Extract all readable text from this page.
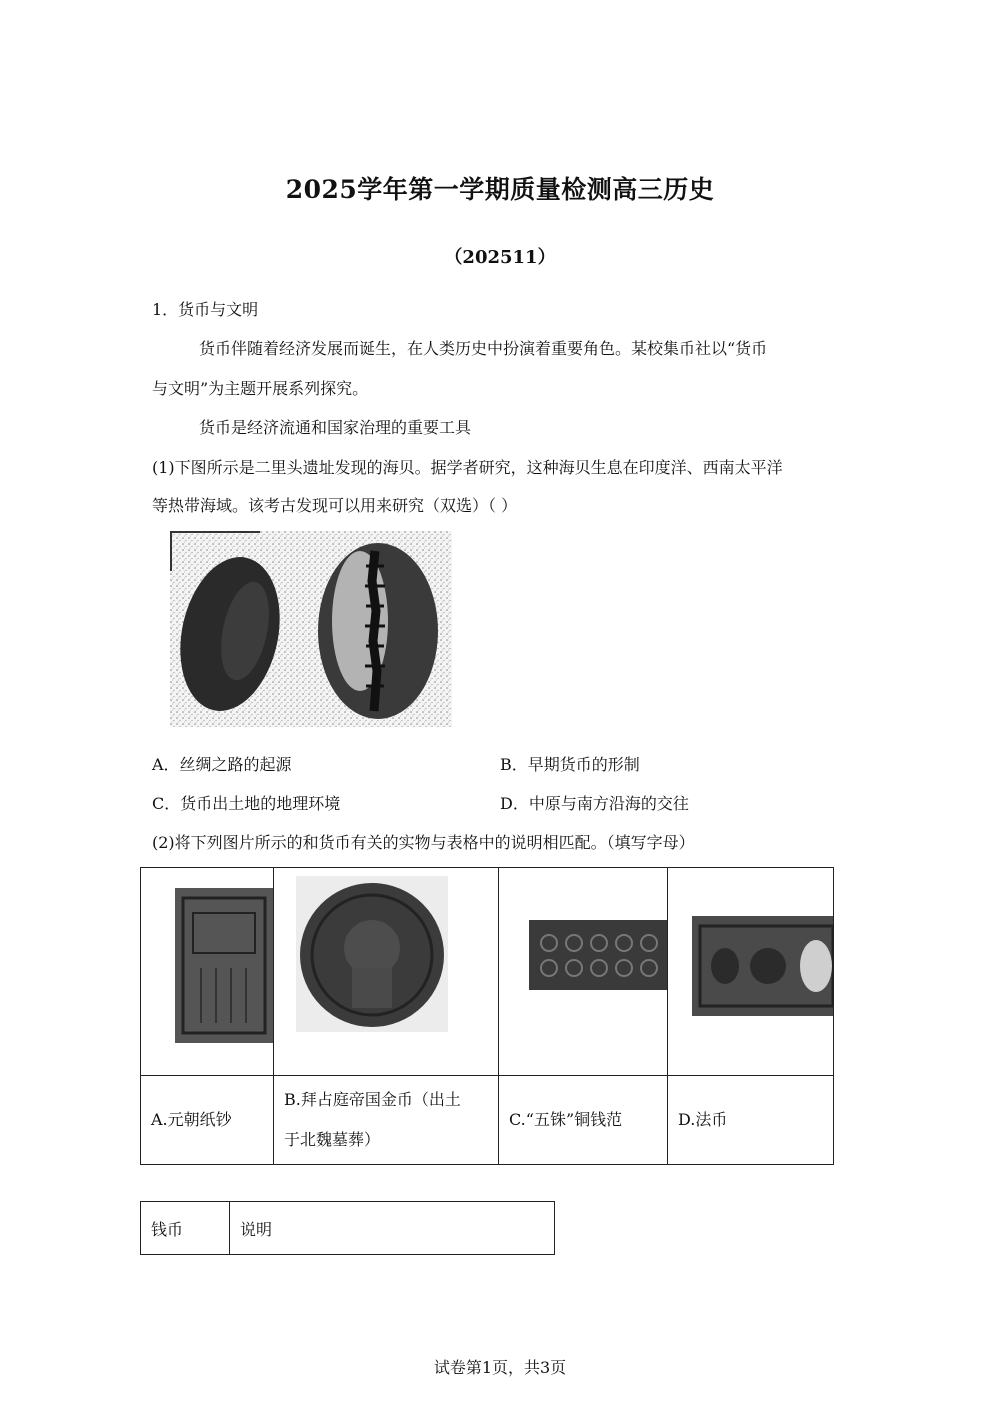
2025学年第一学期质量检测高三历史
（202511）
1．货币与文明
货币伴随着经济发展而诞生，在人类历史中扮演着重要角色。某校集币社以“货币
与文明”为主题开展系列探究。
货币是经济流通和国家治理的重要工具
(1)下图所示是二里头遗址发现的海贝。据学者研究，这种海贝生息在印度洋、西南太平洋
等热带海域。该考古发现可以用来研究（双选）（ ）
A．丝绸之路的起源	B．早期货币的形制
C．货币出土地的地理环境	D．中原与南方沿海的交往
(2)将下列图片所示的和货币有关的实物与表格中的说明相匹配。（填写字母）

A.元朝纸钞	B.拜占庭帝国金币（出土
于北魏墓葬）	C.“五铢”铜钱范	D.法币
钱币	说明
试卷第1页，共3页
